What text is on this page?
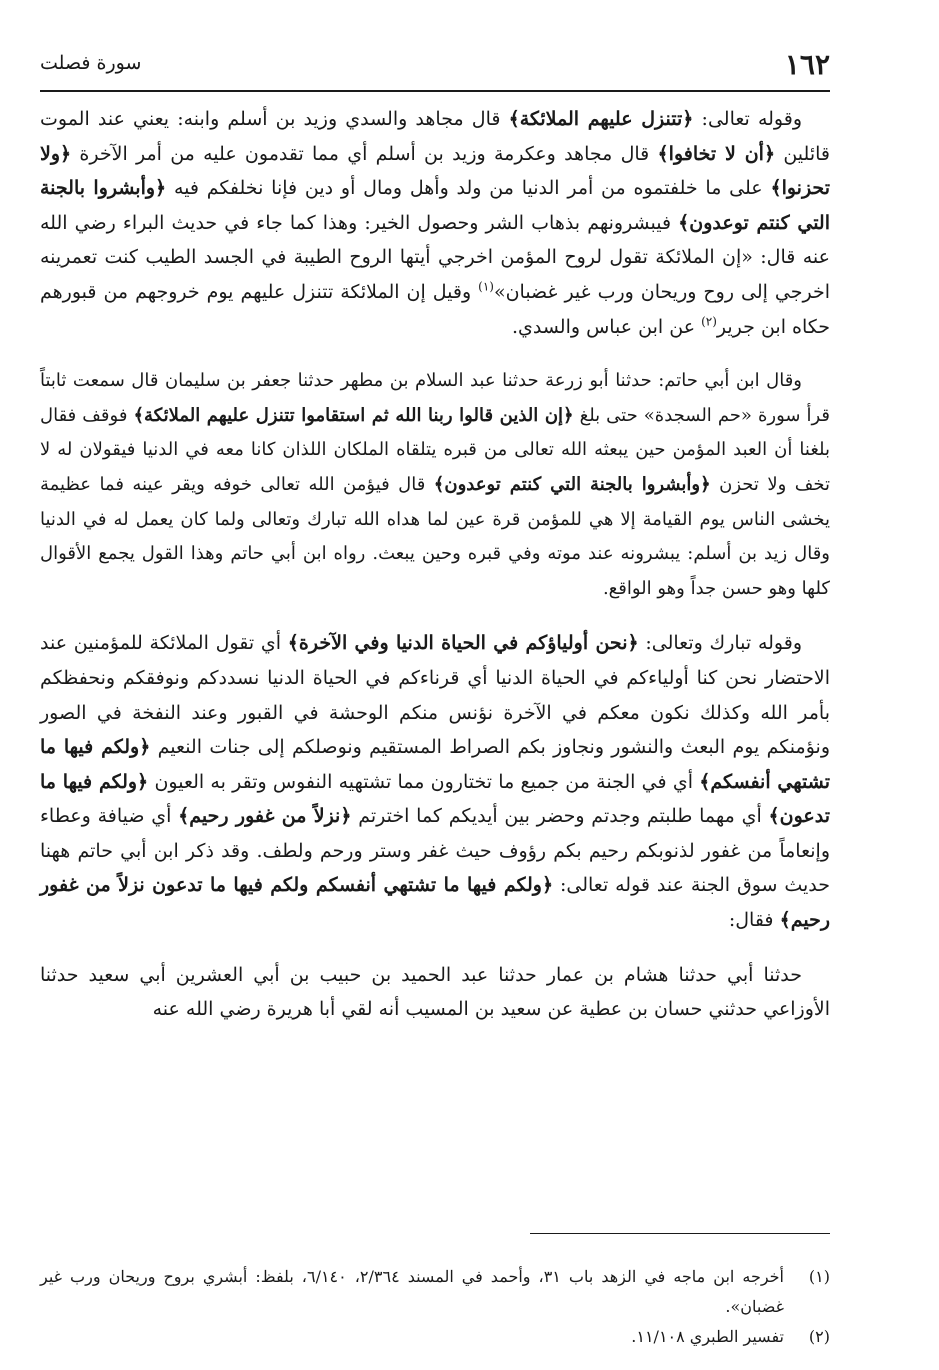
١٦٢
سورة فصلت

وقوله تعالى: ﴿تتنزل عليهم الملائكة﴾ قال مجاهد والسدي وزيد بن أسلم وابنه: يعني عند الموت قائلين ﴿أن لا تخافوا﴾ قال مجاهد وعكرمة وزيد بن أسلم أي مما تقدمون عليه من أمر الآخرة ﴿ولا تحزنوا﴾ على ما خلفتموه من أمر الدنيا من ولد وأهل ومال أو دين فإنا نخلفكم فيه ﴿وأبشروا بالجنة التي كنتم توعدون﴾ فيبشرونهم بذهاب الشر وحصول الخير: وهذا كما جاء في حديث البراء رضي الله عنه قال: «إن الملائكة تقول لروح المؤمن اخرجي أيتها الروح الطيبة في الجسد الطيب كنت تعمرينه اخرجي إلى روح وريحان ورب غير غضبان»$^{(١)}$ وقيل إن الملائكة تتنزل عليهم يوم خروجهم من قبورهم حكاه ابن جرير$^{(٢)}$ عن ابن عباس والسدي.

وقال ابن أبي حاتم: حدثنا أبو زرعة حدثنا عبد السلام بن مطهر حدثنا جعفر بن سليمان قال سمعت ثابتاً قرأ سورة «حم السجدة» حتى بلغ ﴿إن الذين قالوا ربنا الله ثم استقاموا تتنزل عليهم الملائكة﴾ فوقف فقال بلغنا أن العبد المؤمن حين يبعثه الله تعالى من قبره يتلقاه الملكان اللذان كانا معه في الدنيا فيقولان له لا تخف ولا تحزن ﴿وأبشروا بالجنة التي كنتم توعدون﴾ قال فيؤمن الله تعالى خوفه ويقر عينه فما عظيمة يخشى الناس يوم القيامة إلا هي للمؤمن قرة عين لما هداه الله تبارك وتعالى ولما كان يعمل له في الدنيا وقال زيد بن أسلم: يبشرونه عند موته وفي قبره وحين يبعث. رواه ابن أبي حاتم وهذا القول يجمع الأقوال كلها وهو حسن جداً وهو الواقع.

وقوله تبارك وتعالى: ﴿نحن أولياؤكم في الحياة الدنيا وفي الآخرة﴾ أي تقول الملائكة للمؤمنين عند الاحتضار نحن كنا أولياءكم في الحياة الدنيا أي قرناءكم في الحياة الدنيا نسددكم ونوفقكم ونحفظكم بأمر الله وكذلك نكون معكم في الآخرة نؤنس منكم الوحشة في القبور وعند النفخة في الصور ونؤمنكم يوم البعث والنشور ونجاوز بكم الصراط المستقيم ونوصلكم إلى جنات النعيم ﴿ولكم فيها ما تشتهي أنفسكم﴾ أي في الجنة من جميع ما تختارون مما تشتهيه النفوس وتقر به العيون ﴿ولكم فيها ما تدعون﴾ أي مهما طلبتم وجدتم وحضر بين أيديكم كما اخترتم ﴿نزلاً من غفور رحيم﴾ أي ضيافة وعطاء وإنعاماً من غفور لذنوبكم رحيم بكم رؤوف حيث غفر وستر ورحم ولطف. وقد ذكر ابن أبي حاتم ههنا حديث سوق الجنة عند قوله تعالى: ﴿ولكم فيها ما تشتهي أنفسكم ولكم فيها ما تدعون نزلاً من غفور رحيم﴾ فقال:

حدثنا أبي حدثنا هشام بن عمار حدثنا عبد الحميد بن حبيب بن أبي العشرين أبي سعيد حدثنا الأوزاعي حدثني حسان بن عطية عن سعيد بن المسيب أنه لقي أبا هريرة رضي الله عنه

(١)
أخرجه ابن ماجه في الزهد باب ٣١، وأحمد في المسند ٢/٣٦٤، ٦/١٤٠، بلفظ: أبشري بروح وريحان ورب غير غضبان».
(٢)
تفسير الطبري ١١/١٠٨.
